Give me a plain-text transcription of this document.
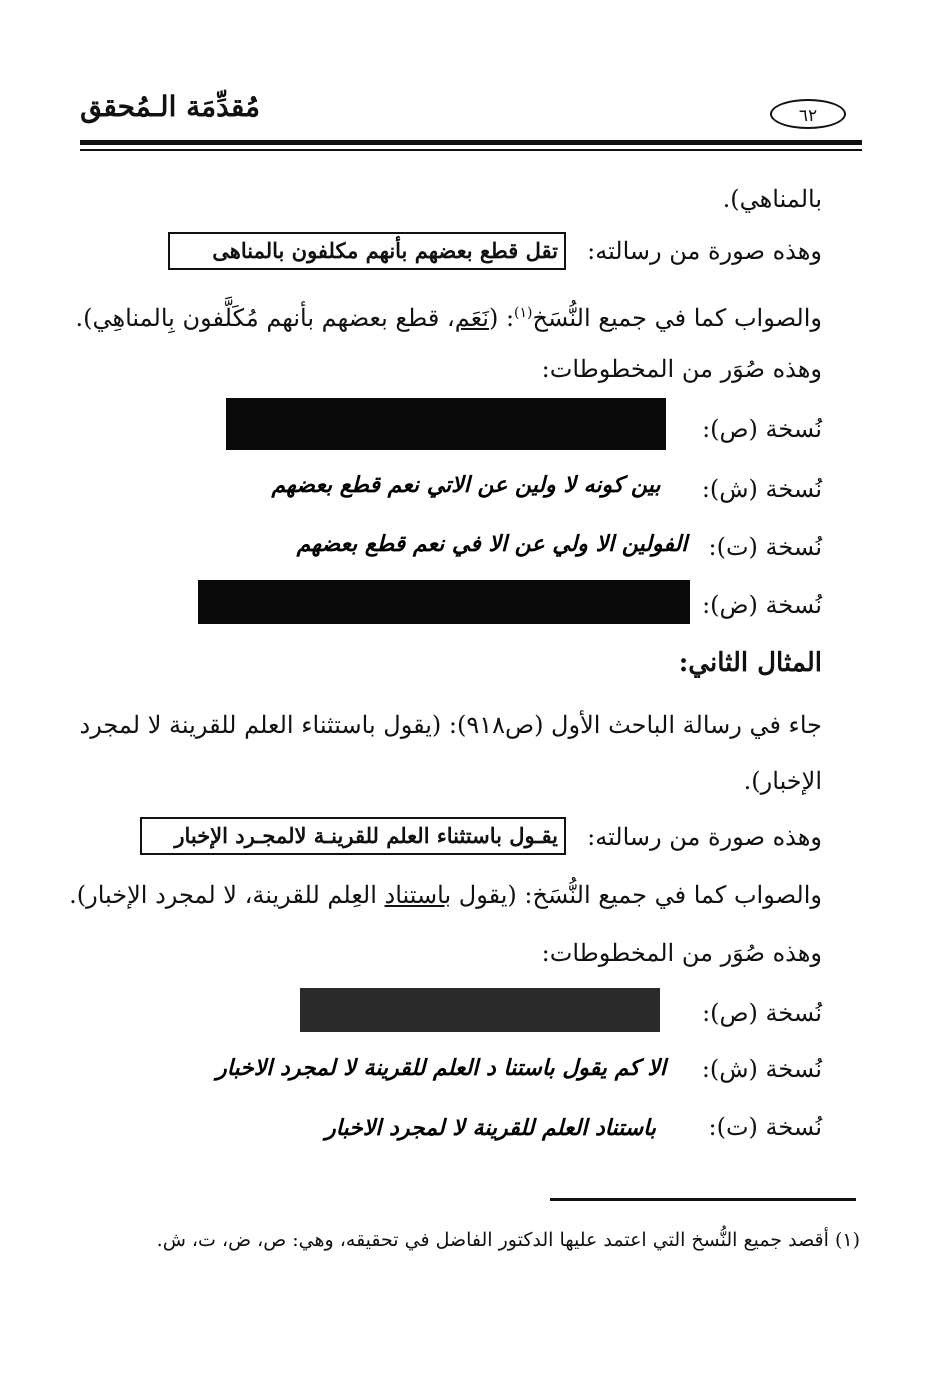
مُقدِّمَة الـمُحقق	٦٢
بالمناهي).
وهذه صورة من رسالته:
تقل قطع بعضهم بأنهم مكلفون بالمناهى
والصواب كما في جميع النُّسَخ$^{(١)}$: (نَعَم، قطع بعضهم بأنهم مُكَلَّفون بِالمناهِي).
وهذه صُوَر من المخطوطات:
نُسخة (ص):
نُسخة (ش):
بين كونه لا ولين عن الاتي نعم قطع بعضهم
نُسخة (ت):
الفولين الا ولي عن الا في نعم قطع بعضهم
نُسخة (ض):
المثال الثاني:
جاء في رسالة الباحث الأول (ص٩١٨): (يقول باستثناء العلم للقرينة لا لمجرد
الإخبار).
وهذه صورة من رسالته:
يقـول باستثناء العلم للقرينـة لالمجـرد الإخبار
والصواب كما في جميع النُّسَخ: (يقول باستناد العِلم للقرينة، لا لمجرد الإخبار).
وهذه صُوَر من المخطوطات:
نُسخة (ص):
نُسخة (ش):
الا كم يقول باستنا د العلم للقرينة لا لمجرد الاخبار
نُسخة (ت):
باستناد العلم للقرينة لا لمجرد الاخبار
(١) أقصد جميع النُّسخ التي اعتمد عليها الدكتور الفاضل في تحقيقه، وهي: ص، ض، ت، ش.
